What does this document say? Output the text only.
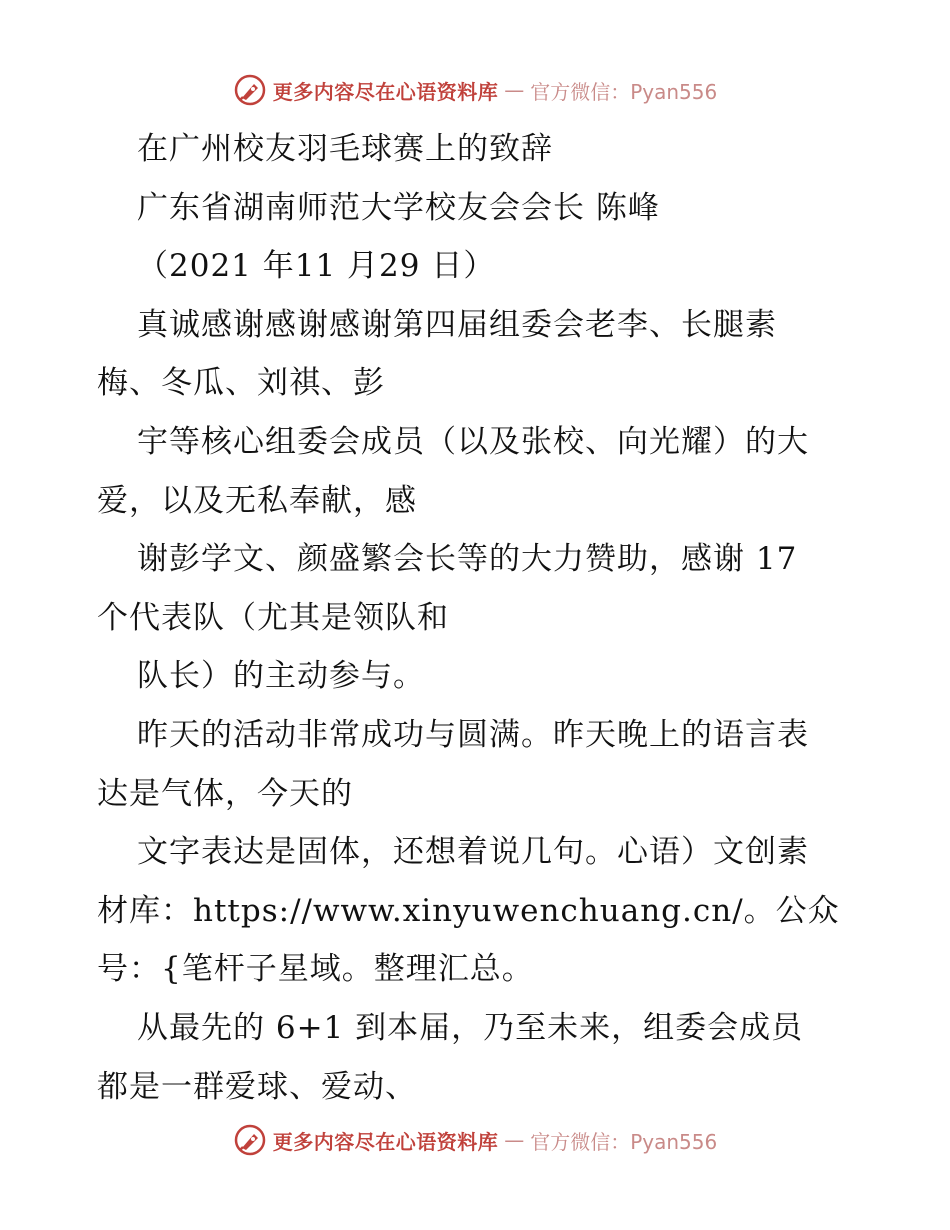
更多内容尽在心语资料库 — 官方微信：Pyan556
在广州校友羽毛球赛上的致辞
广东省湖南师范大学校友会会长 陈峰
（2021 年11 月29 日）
真诚感谢感谢感谢第四届组委会老李、长腿素
梅、冬瓜、刘祺、彭
宇等核心组委会成员（以及张校、向光耀）的大
爱，以及无私奉献，感
谢彭学文、颜盛繁会长等的大力赞助，感谢 17
个代表队（尤其是领队和
队长）的主动参与。
昨天的活动非常成功与圆满。昨天晚上的语言表
达是气体，今天的
文字表达是固体，还想着说几句。心语）文创素
材库：https://www.xinyuwenchuang.cn/。公众
号：{笔杆子星域。整理汇总。
从最先的 6+1 到本届，乃至未来，组委会成员
都是一群爱球、爱动、
更多内容尽在心语资料库 — 官方微信：Pyan556
